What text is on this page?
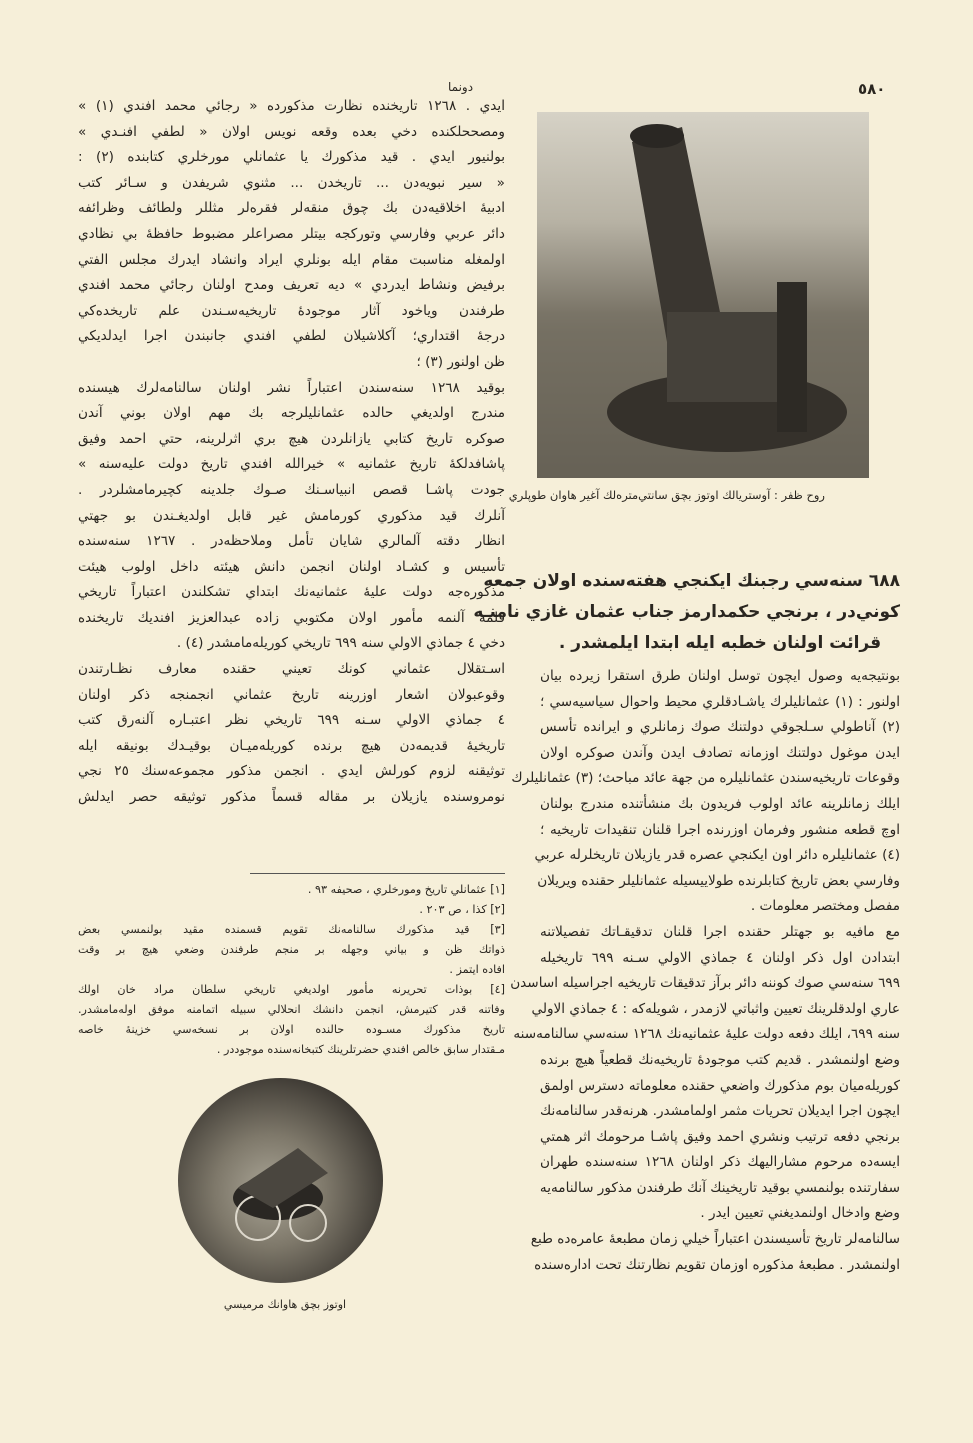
٥٨٠
دونما
ايدي . ١٢٦٨ تاريخنده نظارت مذكورده « رجائي محمد افندي (١) »
ومصححلكنده دخي بعده وقعه نويس اولان « لطفي افنـدي »
بولنيور ايدي . قيد مذكورك يا عثمانلي مورخلري كتابنده (٢) :
« سير نبويه‌دن ... تاريخدن ... مثنوي شريفدن و سـائر كتب
ادبيهٔ اخلاقيه‌دن بك چوق منقه‌لر فقره‌لر مثللر ولطائف وظرائفه
دائر عربي وفارسي وتوركجه بيتلر مصراعلر مضبوط حافظهٔ بي نظادي
اولمغله مناسبت مقام ايله بونلري ايراد وانشاد ايدرك مجلس الفتي
برفيض ونشاط ايدردي » ديه تعريف ومدح اولنان رجائي محمد افندي
طرفندن وياخود آثار موجودهٔ تاريخيه‌سـندن علم تاريخده‌كي
درجهٔ اقتداري؛ آكلاشيلان لطفي افندي جانبندن اجرا ايدلديكي
ظن اولنور (٣) ؛
بوقيد ١٢٦٨ سنه‌سندن اعتباراً نشر اولنان سالنامه‌لرك هيسنده
مندرج اولديغي حالده عثمانليلرجه بك مهم اولان بوني آندن
صوكره تاريخ كتابي يازانلردن هيچ بري اثرلرينه، حتي احمد وفيق
پاشافدلكهٔ تاريخ عثمانيه » خيرالله افندي تاريخ دولت عليه‌سنه »
جودت پاشـا قصص انبياسـنك صـوك جلدينه كچيرمامشلردر .
آنلرك قيد مذكوري كورمامش غير قابل اولديغـندن بو جهتي
انظار دقته آلمالري شايان تأمل وملاحظه‌در . ١٢٦٧ سنه‌سنده
تأسيس و كشـاد اولنان انجمن دانش هيئته داخل اولوب هيئت
مذكوره‌جه دولت عليهٔ عثمانيه‌نك ابتداي تشكلندن اعتباراً تاريخي
قلمه آلنمه مأمور اولان مكتوبي زاده عبدالعزيز افنديك تاريخنده
دخي ٤ جماذي الاولي سنه ٦٩٩ تاريخي كوريله‌مامشدر (٤) .
اسـتقلال عثماني كونك تعيني حقنده معارف نظـارتندن
وقوعبولان اشعار اوزرينه تاريخ عثماني انجمنجه ذكر اولنان
٤ جماذي الاولي سـنه ٦٩٩ تاريخي نظر اعتبـاره آلنه‌رق كتب
تاريخيهٔ قديمه‌دن هيچ برنده كوريله‌ميـان بوقيـدك بونيقه ايله
توثيقنه لزوم كورلش ايدي . انجمن مذكور مجموعه‌سنك ٢٥ نجي
نومروسنده يازيلان بر مقاله قسماً مذكور توثيقه حصر ايدلش
[١] عثمانلي تاريخ ومورخلري ، صحيفه ٩٣ .
[٢] كذا ، ص ٢٠٣ .
[٣] قيد مذكورك سالنامه‌نك تقويم قسمنده مقيد بولنمسي بعض
ذواتك ظن و بياني وجهله بر منجم طرفندن وضعي هيچ بر وقت
افاده ايتمز .
[٤] بوذات تحريرنه مأمور اولديغي تاريخي سلطان مراد خان اولك
وفاتنه قدر كتيرمش، انجمن دانشك انحلالي سبيله اتمامنه موفق اوله‌مامشدر.
تاريخ مذكورك مسـوده حالنده اولان بر نسخه‌سي خزينهٔ خاصه
مـقتدار سابق خالص افندي حضرتلرينك كتبخانه‌سنده موجوددر .
اوتوز بچق هاوانك مرميسي
روح ظفر : آوستريالك اوتوز بچق سانتي‌متره‌لك آغير هاوان طوپلري
٦٨٨ سنه‌سي رجبنك ايكنجي هفته‌سنده اولان جمعه
كوني‌در ، برنجي حكمدارمز جناب عثمان غازي نامنـه
قرائت اولنان خطبه ايله ابتدا ايلمشدر .
بونتيجه‌يه وصول ايچون توسل اولنان طرق استقرا زيرده بيان
اولنور : (١) عثمانليلرك ياشـادقلري محيط واحوال سياسيه‌سي ؛
(٢) آناطولي سـلجوقي دولتنك صوك زمانلري و ايرانده تأسس
ايدن موغول دولتنك اوزمانه تصادف ايدن وآندن صوكره اولان
وقوعات تاريخيه‌سندن عثمانليلره من جهة عائد مباحث؛ (٣) عثمانليلرك
ايلك زمانلرينه عائد اولوب فريدون بك منشأتنده مندرج بولنان
اوچ قطعه منشور وفرمان اوزرنده اجرا قلنان تنقيدات تاريخيه ؛
(٤) عثمانليلره دائر اون ايكنجي عصره قدر يازيلان تاريخلرله عربي
وفارسي بعض تاريخ كتابلرنده طولاييسيله عثمانليلر حقنده ويريلان
مفصل ومختصر معلومات .
مع مافيه بو جهتلر حقنده اجرا قلنان تدقيقـاتك تفصيلاتنه
ابتدادن اول ذكر اولنان ٤ جماذي الاولي سـنه ٦٩٩ تاريخيله
٦٩٩ سنه‌سي صوك كوننه دائر برآز تدقيقات تاريخيه اجراسيله اساسدن
عاري اولدقلرينك تعيين واثباتي لازمدر ، شويله‌كه : ٤ جماذي الاولي
سنه ٦٩٩، ايلك دفعه دولت عليهٔ عثمانيه‌نك ١٢٦٨ سنه‌سي سالنامه‌سنه
وضع اولنمشدر . قديم كتب موجودهٔ تاريخيه‌نك قطعياً هيچ برنده
كوريله‌ميان بوم مذكورك واضعي حقنده معلوماته دسترس اولمق
ايچون اجرا ايديلان تحريات مثمر اولمامشدر. هرنه‌قدر سالنامه‌نك
برنجي دفعه ترتيب ونشري احمد وفيق پاشـا مرحومك اثر همتي
ايسه‌ده مرحوم مشاراليهك ذكر اولنان ١٢٦٨ سنه‌سنده طهران
سفارتنده بولنمسي بوقيد تاريخينك آنك طرفندن مذكور سالنامه‌يه
وضع وادخال اولنمديغني تعيين ايدر .
سالنامه‌لر تاريخ تأسيسندن اعتباراً خيلي زمان مطبعهٔ عامره‌ده طبع
اولنمشدر . مطبعهٔ مذكوره اوزمان تقويم نظارتنك تحت اداره‌سنده
